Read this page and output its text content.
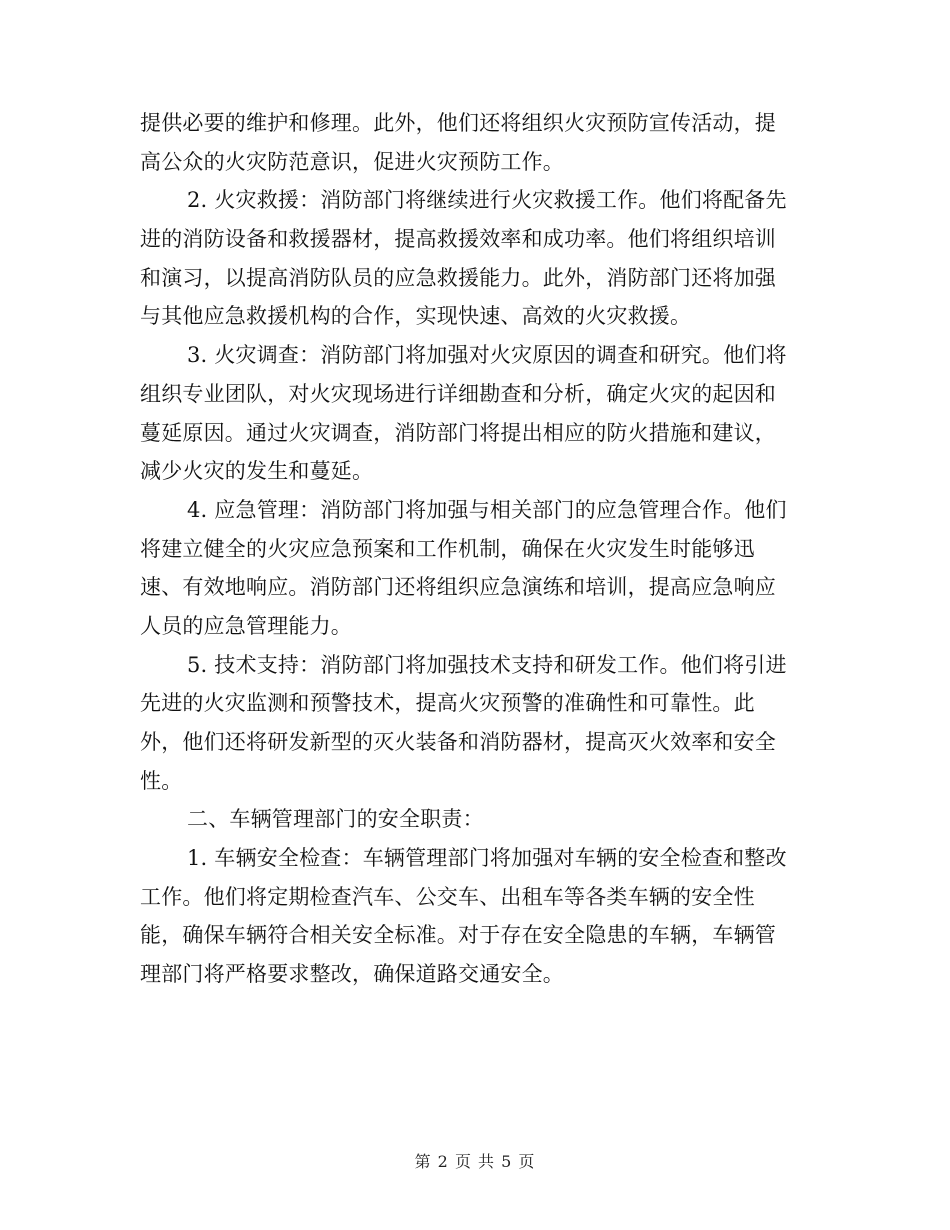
提供必要的维护和修理。此外，他们还将组织火灾预防宣传活动，提
高公众的火灾防范意识，促进火灾预防工作。
2. 火灾救援：消防部门将继续进行火灾救援工作。他们将配备先
进的消防设备和救援器材，提高救援效率和成功率。他们将组织培训
和演习，以提高消防队员的应急救援能力。此外，消防部门还将加强
与其他应急救援机构的合作，实现快速、高效的火灾救援。
3. 火灾调查：消防部门将加强对火灾原因的调查和研究。他们将
组织专业团队，对火灾现场进行详细勘查和分析，确定火灾的起因和
蔓延原因。通过火灾调查，消防部门将提出相应的防火措施和建议，
减少火灾的发生和蔓延。
4. 应急管理：消防部门将加强与相关部门的应急管理合作。他们
将建立健全的火灾应急预案和工作机制，确保在火灾发生时能够迅
速、有效地响应。消防部门还将组织应急演练和培训，提高应急响应
人员的应急管理能力。
5. 技术支持：消防部门将加强技术支持和研发工作。他们将引进
先进的火灾监测和预警技术，提高火灾预警的准确性和可靠性。此
外，他们还将研发新型的灭火装备和消防器材，提高灭火效率和安全
性。
二、车辆管理部门的安全职责：
1. 车辆安全检查：车辆管理部门将加强对车辆的安全检查和整改
工作。他们将定期检查汽车、公交车、出租车等各类车辆的安全性
能，确保车辆符合相关安全标准。对于存在安全隐患的车辆，车辆管
理部门将严格要求整改，确保道路交通安全。
第 2 页 共 5 页
